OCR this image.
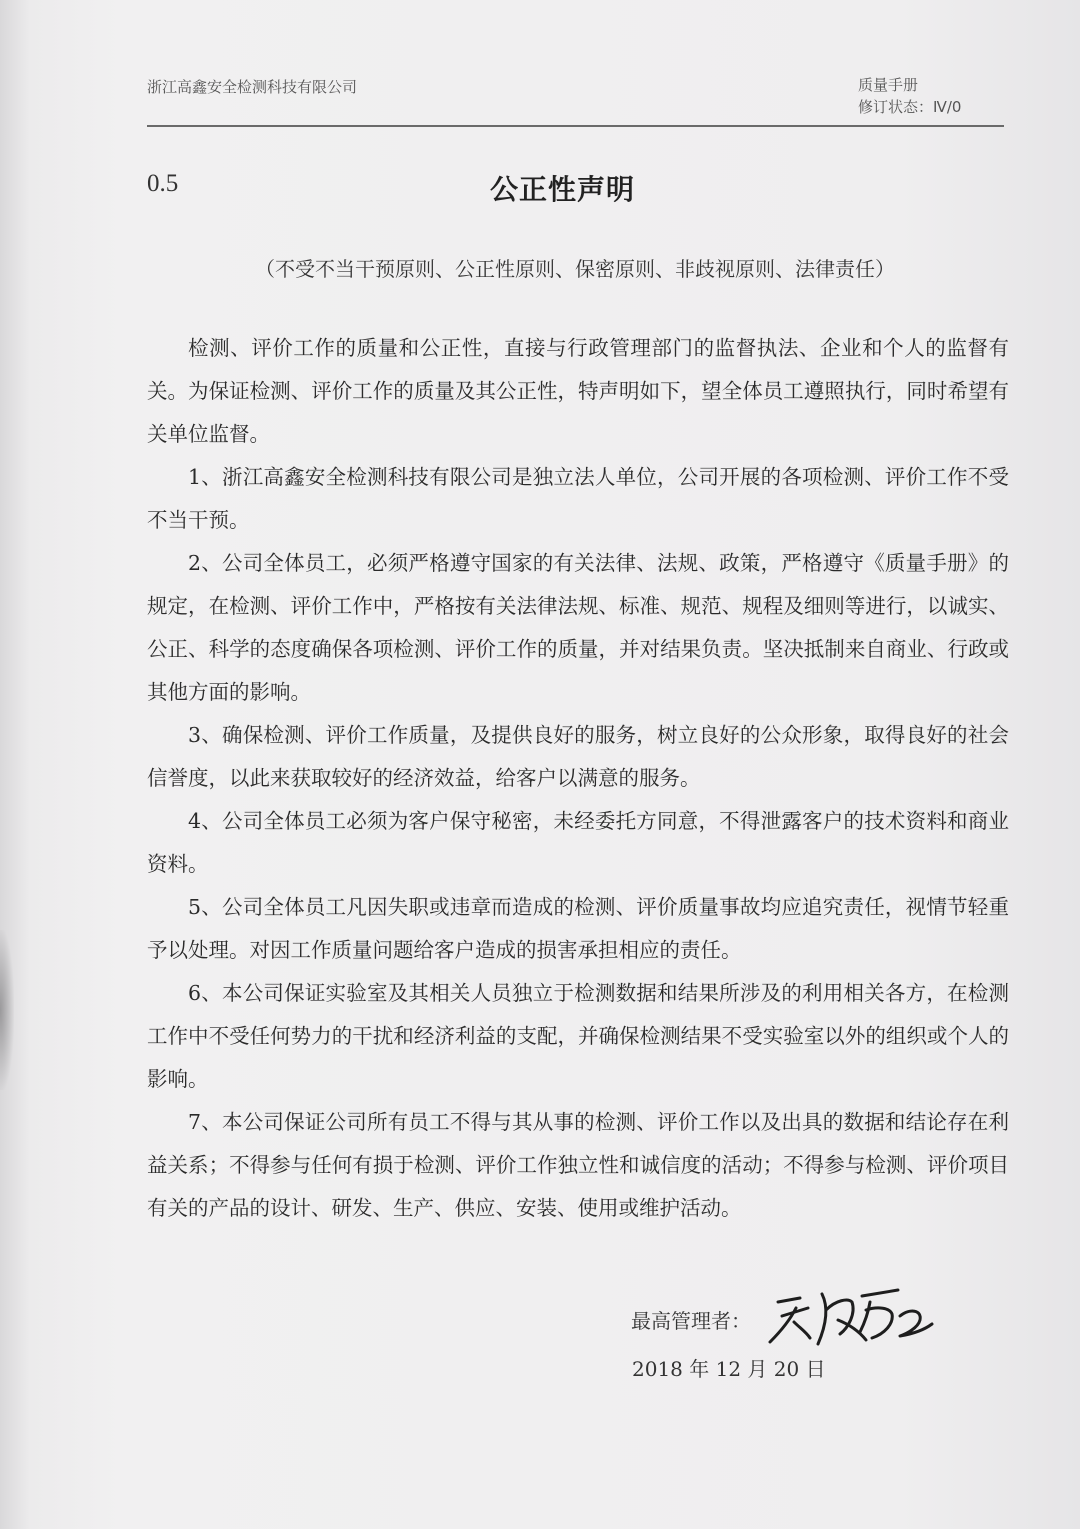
浙江高鑫安全检测科技有限公司	质量手册
修订状态：Ⅳ/0
0.5	公正性声明
（不受不当干预原则、公正性原则、保密原则、非歧视原则、法律责任）

检测、评价工作的质量和公正性，直接与行政管理部门的监督执法、企业和个人的监督有关。为保证检测、评价工作的质量及其公正性，特声明如下，望全体员工遵照执行，同时希望有关单位监督。

1、浙江高鑫安全检测科技有限公司是独立法人单位，公司开展的各项检测、评价工作不受不当干预。

2、公司全体员工，必须严格遵守国家的有关法律、法规、政策，严格遵守《质量手册》的规定，在检测、评价工作中，严格按有关法律法规、标准、规范、规程及细则等进行，以诚实、公正、科学的态度确保各项检测、评价工作的质量，并对结果负责。坚决抵制来自商业、行政或其他方面的影响。

3、确保检测、评价工作质量，及提供良好的服务，树立良好的公众形象，取得良好的社会信誉度，以此来获取较好的经济效益，给客户以满意的服务。

4、公司全体员工必须为客户保守秘密，未经委托方同意，不得泄露客户的技术资料和商业资料。

5、公司全体员工凡因失职或违章而造成的检测、评价质量事故均应追究责任，视情节轻重予以处理。对因工作质量问题给客户造成的损害承担相应的责任。

6、本公司保证实验室及其相关人员独立于检测数据和结果所涉及的利用相关各方，在检测工作中不受任何势力的干扰和经济利益的支配，并确保检测结果不受实验室以外的组织或个人的影响。

7、本公司保证公司所有员工不得与其从事的检测、评价工作以及出具的数据和结论存在利益关系；不得参与任何有损于检测、评价工作独立性和诚信度的活动；不得参与检测、评价项目有关的产品的设计、研发、生产、供应、安装、使用或维护活动。

最高管理者：
2018 年 12 月 20 日
